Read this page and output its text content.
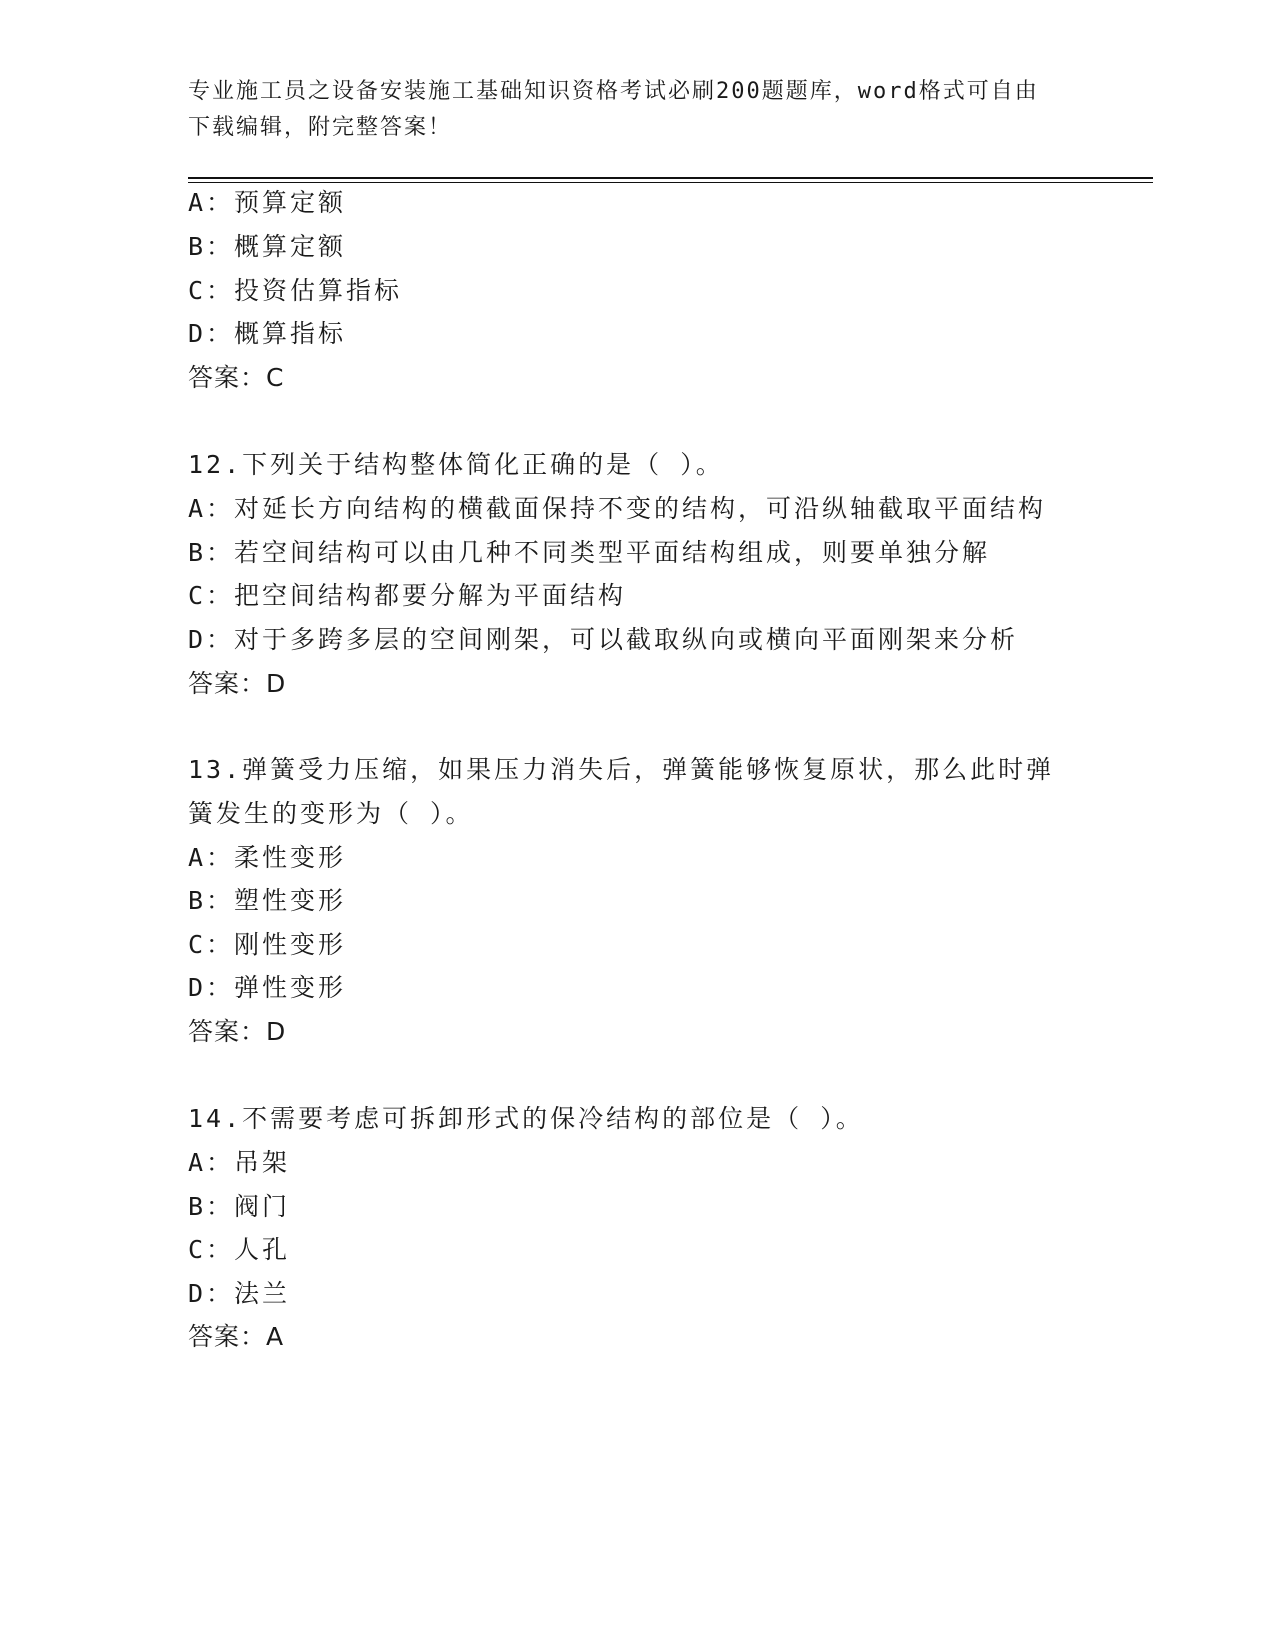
专业施工员之设备安装施工基础知识资格考试必刷200题题库，word格式可自由
下载编辑，附完整答案！
A：预算定额
B：概算定额
C：投资估算指标
D：概算指标
答案：C
12.下列关于结构整体简化正确的是（ ）。
A：对延长方向结构的横截面保持不变的结构，可沿纵轴截取平面结构
B：若空间结构可以由几种不同类型平面结构组成，则要单独分解
C：把空间结构都要分解为平面结构
D：对于多跨多层的空间刚架，可以截取纵向或横向平面刚架来分析
答案：D
13.弹簧受力压缩，如果压力消失后，弹簧能够恢复原状，那么此时弹
簧发生的变形为（ ）。
A：柔性变形
B：塑性变形
C：刚性变形
D：弹性变形
答案：D
14.不需要考虑可拆卸形式的保冷结构的部位是（ ）。
A：吊架
B：阀门
C：人孔
D：法兰
答案：A
